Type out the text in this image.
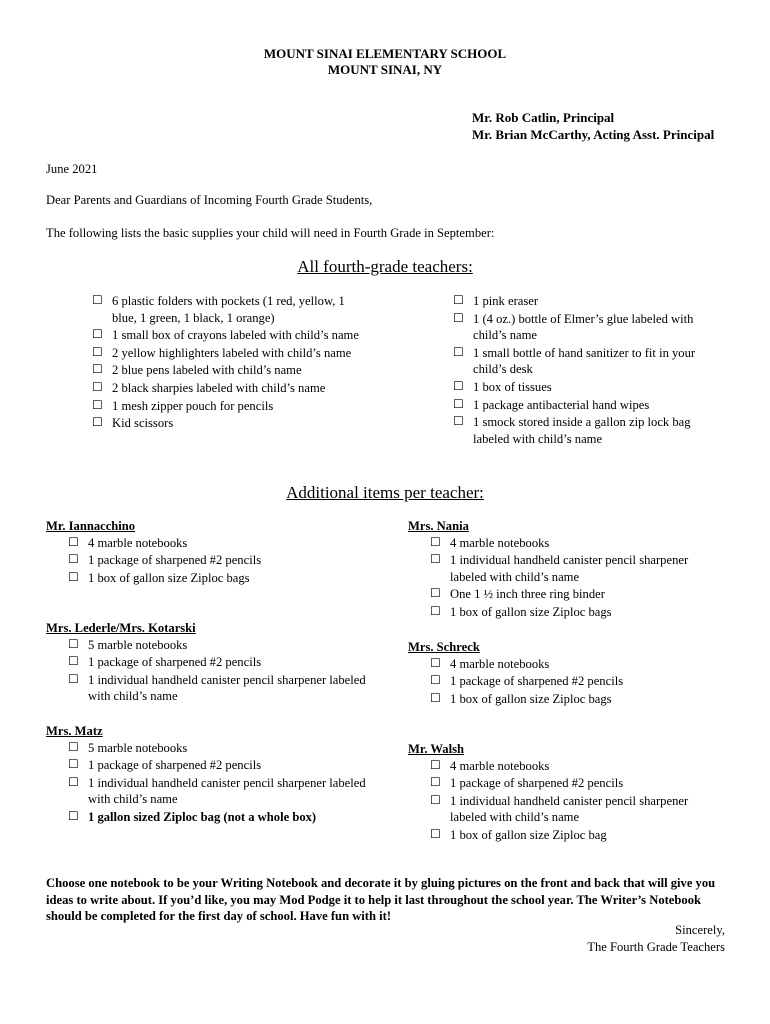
MOUNT SINAI ELEMENTARY SCHOOL
MOUNT SINAI, NY
Mr. Rob Catlin, Principal
Mr. Brian McCarthy, Acting Asst. Principal
June 2021
Dear Parents and Guardians of Incoming Fourth Grade Students,
The following lists the basic supplies your child will need in Fourth Grade in September:
All fourth-grade teachers:
☐ 6 plastic folders with pockets (1 red, yellow, 1 blue, 1 green, 1 black, 1 orange)
☐ 1 small box of crayons labeled with child’s name
☐ 2 yellow highlighters labeled with child’s name
☐ 2 blue pens labeled with child’s name
☐ 2 black sharpies labeled with child’s name
☐ 1 mesh zipper pouch for pencils
☐ Kid scissors
☐ 1 pink eraser
☐ 1 (4 oz.) bottle of Elmer’s glue labeled with child’s name
☐ 1 small bottle of hand sanitizer to fit in your child’s desk
☐ 1 box of tissues
☐ 1 package antibacterial hand wipes
☐ 1 smock stored inside a gallon zip lock bag labeled with child’s name
Additional items per teacher:
Mr. Iannacchino
☐ 4 marble notebooks
☐ 1 package of sharpened #2 pencils
☐ 1 box of gallon size Ziploc bags
Mrs. Lederle/Mrs. Kotarski
☐ 5 marble notebooks
☐ 1 package of sharpened #2 pencils
☐ 1 individual handheld canister pencil sharpener labeled with child’s name
Mrs. Matz
☐ 5 marble notebooks
☐ 1 package of sharpened #2 pencils
☐ 1 individual handheld canister pencil sharpener labeled with child’s name
☐ 1 gallon sized Ziploc bag (not a whole box)
Mrs. Nania
☐ 4 marble notebooks
☐ 1 individual handheld canister pencil sharpener labeled with child’s name
☐ One 1 ½ inch three ring binder
☐ 1 box of gallon size Ziploc bags
Mrs. Schreck
☐ 4 marble notebooks
☐ 1 package of sharpened #2 pencils
☐ 1 box of gallon size Ziploc bags
Mr. Walsh
☐ 4 marble notebooks
☐ 1 package of sharpened #2 pencils
☐ 1 individual handheld canister pencil sharpener labeled with child’s name
☐ 1 box of gallon size Ziploc bag
Choose one notebook to be your Writing Notebook and decorate it by gluing pictures on the front and back that will give you ideas to write about. If you’d like, you may Mod Podge it to help it last throughout the school year. The Writer’s Notebook should be completed for the first day of school. Have fun with it!
Sincerely,
The Fourth Grade Teachers
